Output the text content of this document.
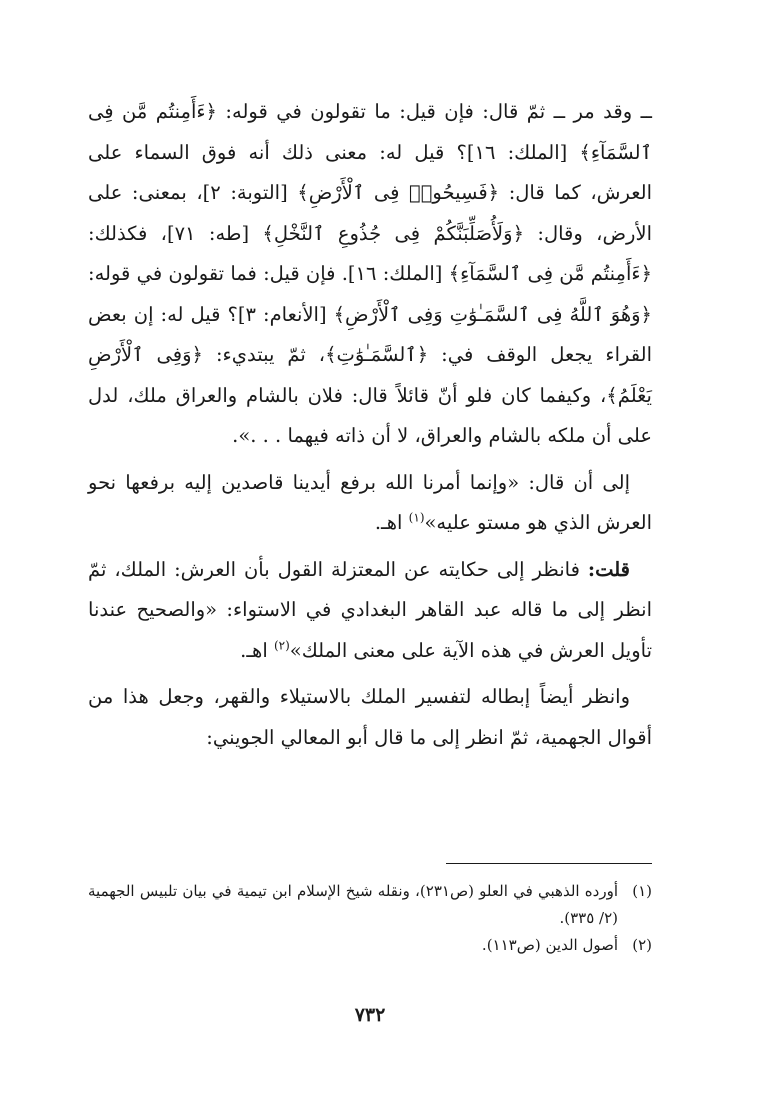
ــ وقد مر ــ ثمّ قال: فإن قيل: ما تقولون في قوله: ﴿ءَأَمِنتُم مَّن فِى ٱلسَّمَآءِ﴾ [الملك: ١٦]؟ قيل له: معنى ذلك أنه فوق السماء على العرش، كما قال: ﴿فَسِيحُوا۟ فِى ٱلْأَرْضِ﴾ [التوبة: ٢]، بمعنى: على الأرض، وقال: ﴿وَلَأُصَلِّبَنَّكُمْ فِى جُذُوعِ ٱلنَّخْلِ﴾ [طه: ٧١]، فكذلك: ﴿ءَأَمِنتُم مَّن فِى ٱلسَّمَآءِ﴾ [الملك: ١٦]. فإن قيل: فما تقولون في قوله: ﴿وَهُوَ ٱللَّهُ فِى ٱلسَّمَـٰوَٰتِ وَفِى ٱلْأَرْضِ﴾ [الأنعام: ٣]؟ قيل له: إن بعض القراء يجعل الوقف في: ﴿ٱلسَّمَـٰوَٰتِ﴾، ثمّ يبتديء: ﴿وَفِى ٱلْأَرْضِ يَعْلَمُ﴾، وكيفما كان فلو أنّ قائلاً قال: فلان بالشام والعراق ملك، لدل على أن ملكه بالشام والعراق، لا أن ذاته فيهما . . .».

إلى أن قال: «وإنما أمرنا الله برفع أيدينا قاصدين إليه برفعها نحو العرش الذي هو مستو عليه»$^{(١)}$ اهـ.

قلت: فانظر إلى حكايته عن المعتزلة القول بأن العرش: الملك، ثمّ انظر إلى ما قاله عبد القاهر البغدادي في الاستواء: «والصحيح عندنا تأويل العرش في هذه الآية على معنى الملك»$^{(٢)}$ اهـ.

وانظر أيضاً إبطاله لتفسير الملك بالاستيلاء والقهر، وجعل هذا من أقوال الجهمية، ثمّ انظر إلى ما قال أبو المعالي الجويني:

(١)أورده الذهبي في العلو (ص٢٣١)، ونقله شيخ الإسلام ابن تيمية في بيان تلبيس الجهمية (٢/ ٣٣٥).

(٢)أصول الدين (ص١١٣).

٧٣٢
